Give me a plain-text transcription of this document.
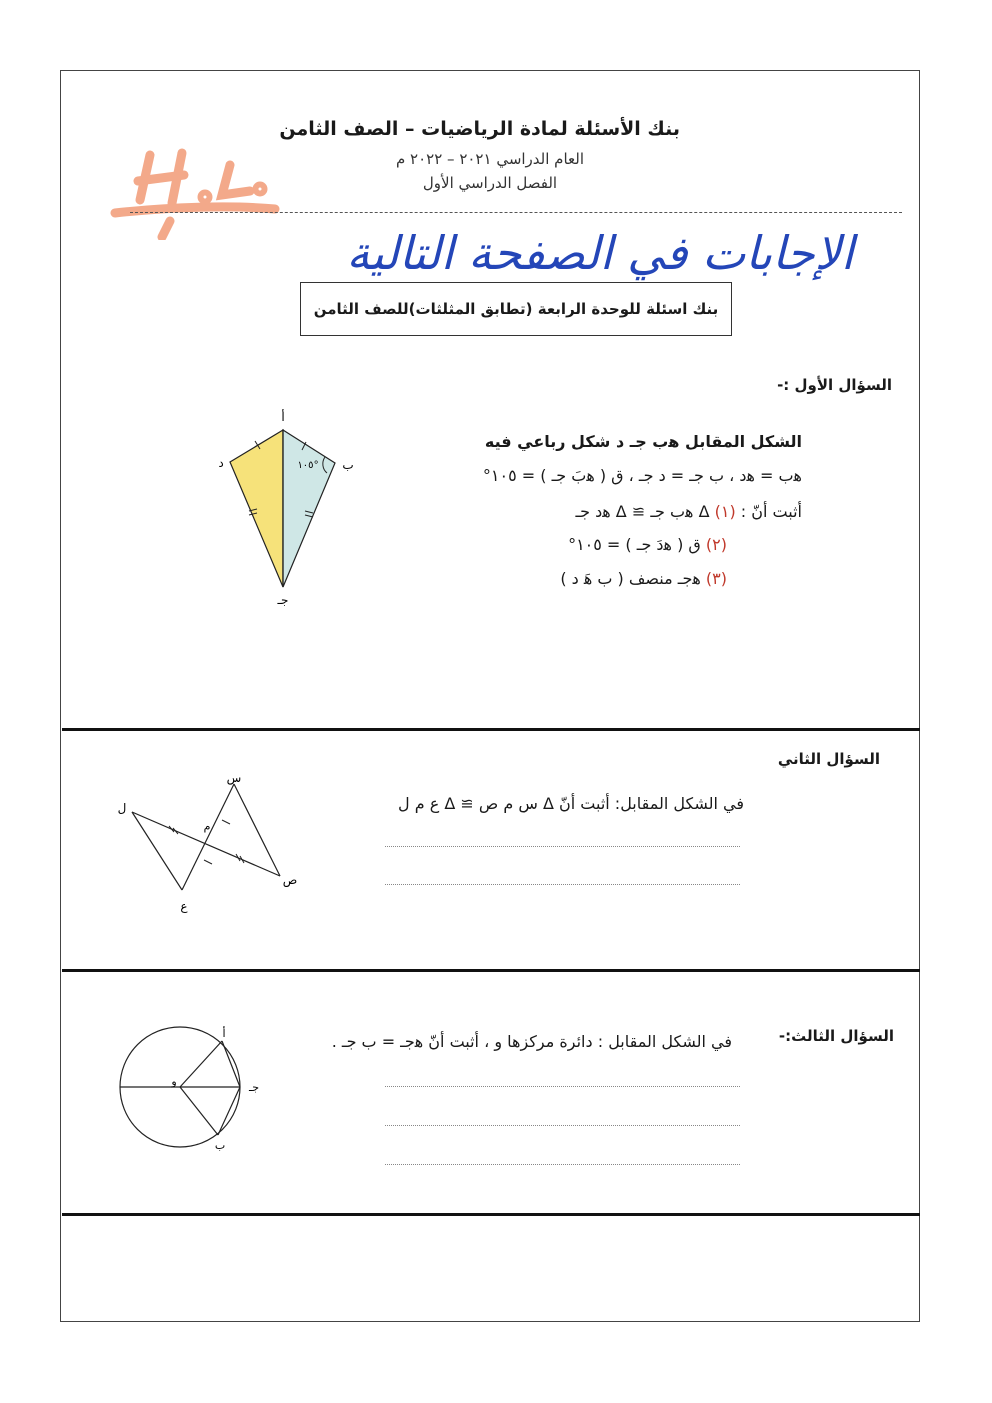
بنك الأسئلة لمادة الرياضيات – الصف الثامن
العام الدراسي ٢٠٢١ – ٢٠٢٢ م
الفصل الدراسي الأول
الإجابات في الصفحة التالية
بنك اسئلة للوحدة الرابعة (تطابق المثلثات)للصف الثامن
السؤال الأول :-
الشكل المقابل ﻫب جـ د شكل رباعي فيه
ﻫب = ﻫد ، ب جـ = د جـ ، ق ( ﻫبَ جـ ) = ١٠٥°
أثبت أنّ : (١) Δ ﻫب جـ ≅ Δ ﻫد جـ
(٢) ق ( ﻫدَ جـ ) = ١٠٥°
(٣) ﻫجـ منصف ( ب ﻫَ د )
أ
ب
د
جـ
١٠٥°
السؤال الثاني
في الشكل المقابل: أثبت أنّ Δ س م ص ≅ Δ ع م ل
س
ل
م
ص
ع
السؤال الثالث:-
في الشكل المقابل : دائرة مركزها و ، أثبت أنّ ﻫجـ = ب جـ .
أ
و	جـ
ب
